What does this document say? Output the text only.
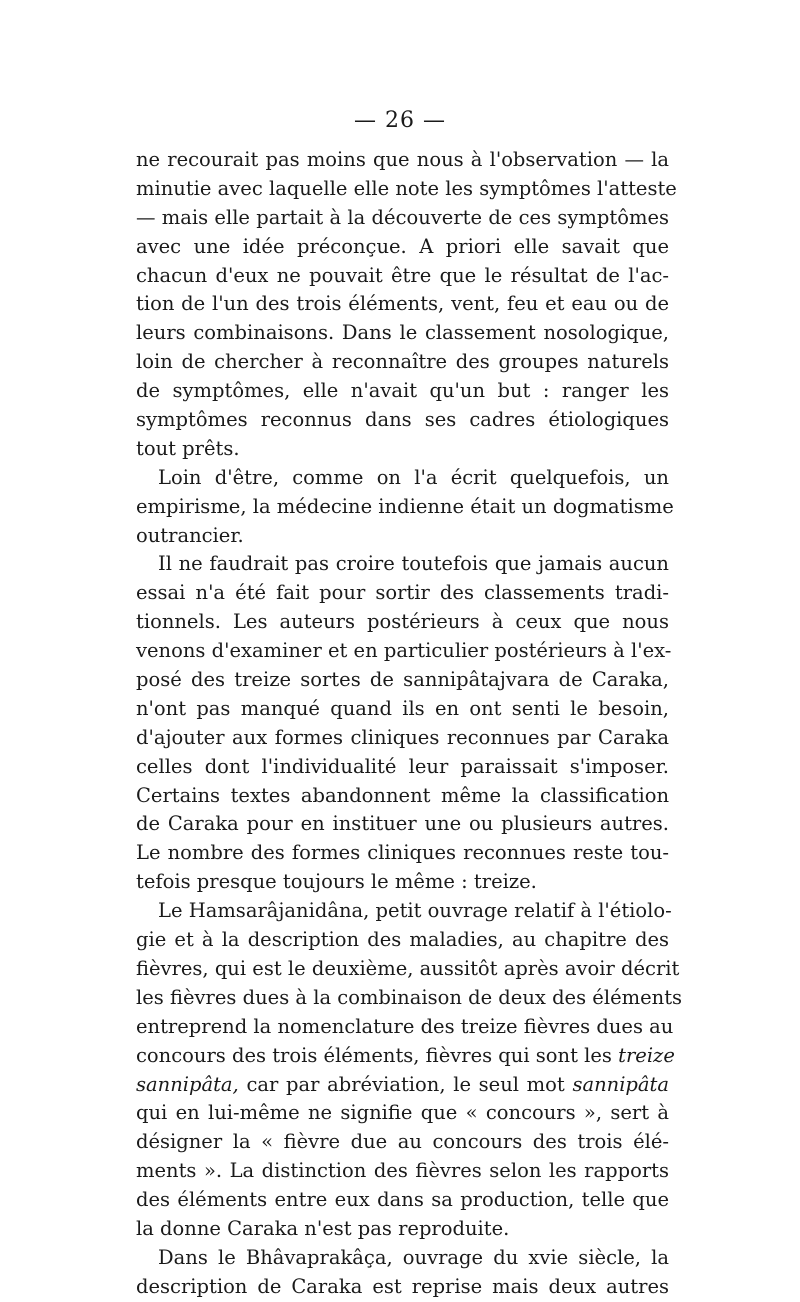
— 26 —
ne recourait pas moins que nous à l'observation — la
minutie avec laquelle elle note les symptômes l'atteste
— mais elle partait à la découverte de ces symptômes
avec une idée préconçue. A priori elle savait que
chacun d'eux ne pouvait être que le résultat de l'ac-
tion de l'un des trois éléments, vent, feu et eau ou de
leurs combinaisons. Dans le classement nosologique,
loin de chercher à reconnaître des groupes naturels
de symptômes, elle n'avait qu'un but : ranger les
symptômes reconnus dans ses cadres étiologiques
tout prêts.
Loin d'être, comme on l'a écrit quelquefois, un
empirisme, la médecine indienne était un dogmatisme
outrancier.
Il ne faudrait pas croire toutefois que jamais aucun
essai n'a été fait pour sortir des classements tradi-
tionnels. Les auteurs postérieurs à ceux que nous
venons d'examiner et en particulier postérieurs à l'ex-
posé des treize sortes de sannipâtajvara de Caraka,
n'ont pas manqué quand ils en ont senti le besoin,
d'ajouter aux formes cliniques reconnues par Caraka
celles dont l'individualité leur paraissait s'imposer.
Certains textes abandonnent même la classification
de Caraka pour en instituer une ou plusieurs autres.
Le nombre des formes cliniques reconnues reste tou-
tefois presque toujours le même : treize.
Le Hamsarâjanidâna, petit ouvrage relatif à l'étiolo-
gie et à la description des maladies, au chapitre des
fièvres, qui est le deuxième, aussitôt après avoir décrit
les fièvres dues à la combinaison de deux des éléments
entreprend la nomenclature des treize fièvres dues au
concours des trois éléments, fièvres qui sont les treize
sannipâta, car par abréviation, le seul mot sannipâta
qui en lui-même ne signifie que « concours », sert à
désigner la « fièvre due au concours des trois élé-
ments ». La distinction des fièvres selon les rapports
des éléments entre eux dans sa production, telle que
la donne Caraka n'est pas reproduite.
Dans le Bhâvaprakâça, ouvrage du xvie siècle, la
description de Caraka est reprise mais deux autres
